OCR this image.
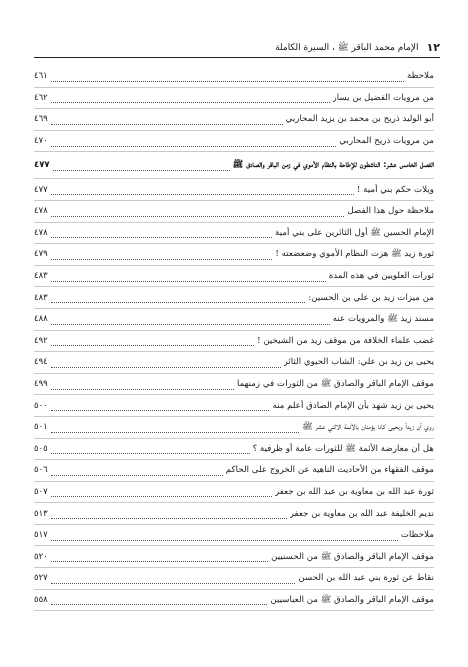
١٢
الإمام محمد الباقر ﷺ ، السيرة الكاملة
ملاحظة
٤٦١
من مرويات الفضيل بن يسار
٤٦٢
أبو الوليد ذريح بن محمد بن يزيد المحاربي
٤٦٩
من مرويات ذريح المحاربي
٤٧٠
الفصل الخامس عشر: الناشطون للإطاحة بالنظام الأموي في زمن الباقر والصادق ﷺ
٤٧٧
ويلات حكم بني أمية !
٤٧٧
ملاحظة حول هذا الفصل
٤٧٨
الإمام الحسين ﷺ أول الثائرين على بني أمية
٤٧٨
ثورة زيد ﷺ هزت النظام الأموي وضعضعته !
٤٧٩
ثورات العلويين في هذه المدة
٤٨٣
من ميزات زيد بن علي بن الحسين:
٤٨٣
مسند زيد ﷺ والمرويات عنه
٤٨٨
غضب علماء الخلافة من موقف زيد من الشيخين !
٤٩٢
يحيى بن زيد بن علي: الشاب الحيوي الثائر
٤٩٤
موقف الإمام الباقر والصادق ﷺ من الثورات في زمنهما
٤٩٩
يحيى بن زيد شهد بأن الإمام الصادق أعلم منه
٥٠٠
روي أن زيداً ويحيى كانا يؤمنان بالأئمة الاثني عشر ﷺ
٥٠١
هل أن معارضة الأئمة ﷺ للثورات عامة أو ظرفية ؟
٥٠٥
موقف الفقهاء من الأحاديث الناهية عن الخروج على الحاكم
٥٠٦
ثورة عبد الله بن معاوية بن عبد الله بن جعفر
٥٠٧
نديم الخليفة عبد الله بن معاوية بن جعفر
٥١٣
ملاحظات
٥١٧
موقف الإمام الباقر والصادق ﷺ من الحسنيين
٥٢٠
نقاط عن ثورة بني عبد الله بن الحسن
٥٢٧
موقف الإمام الباقر والصادق ﷺ من العباسيين
٥٥٨
